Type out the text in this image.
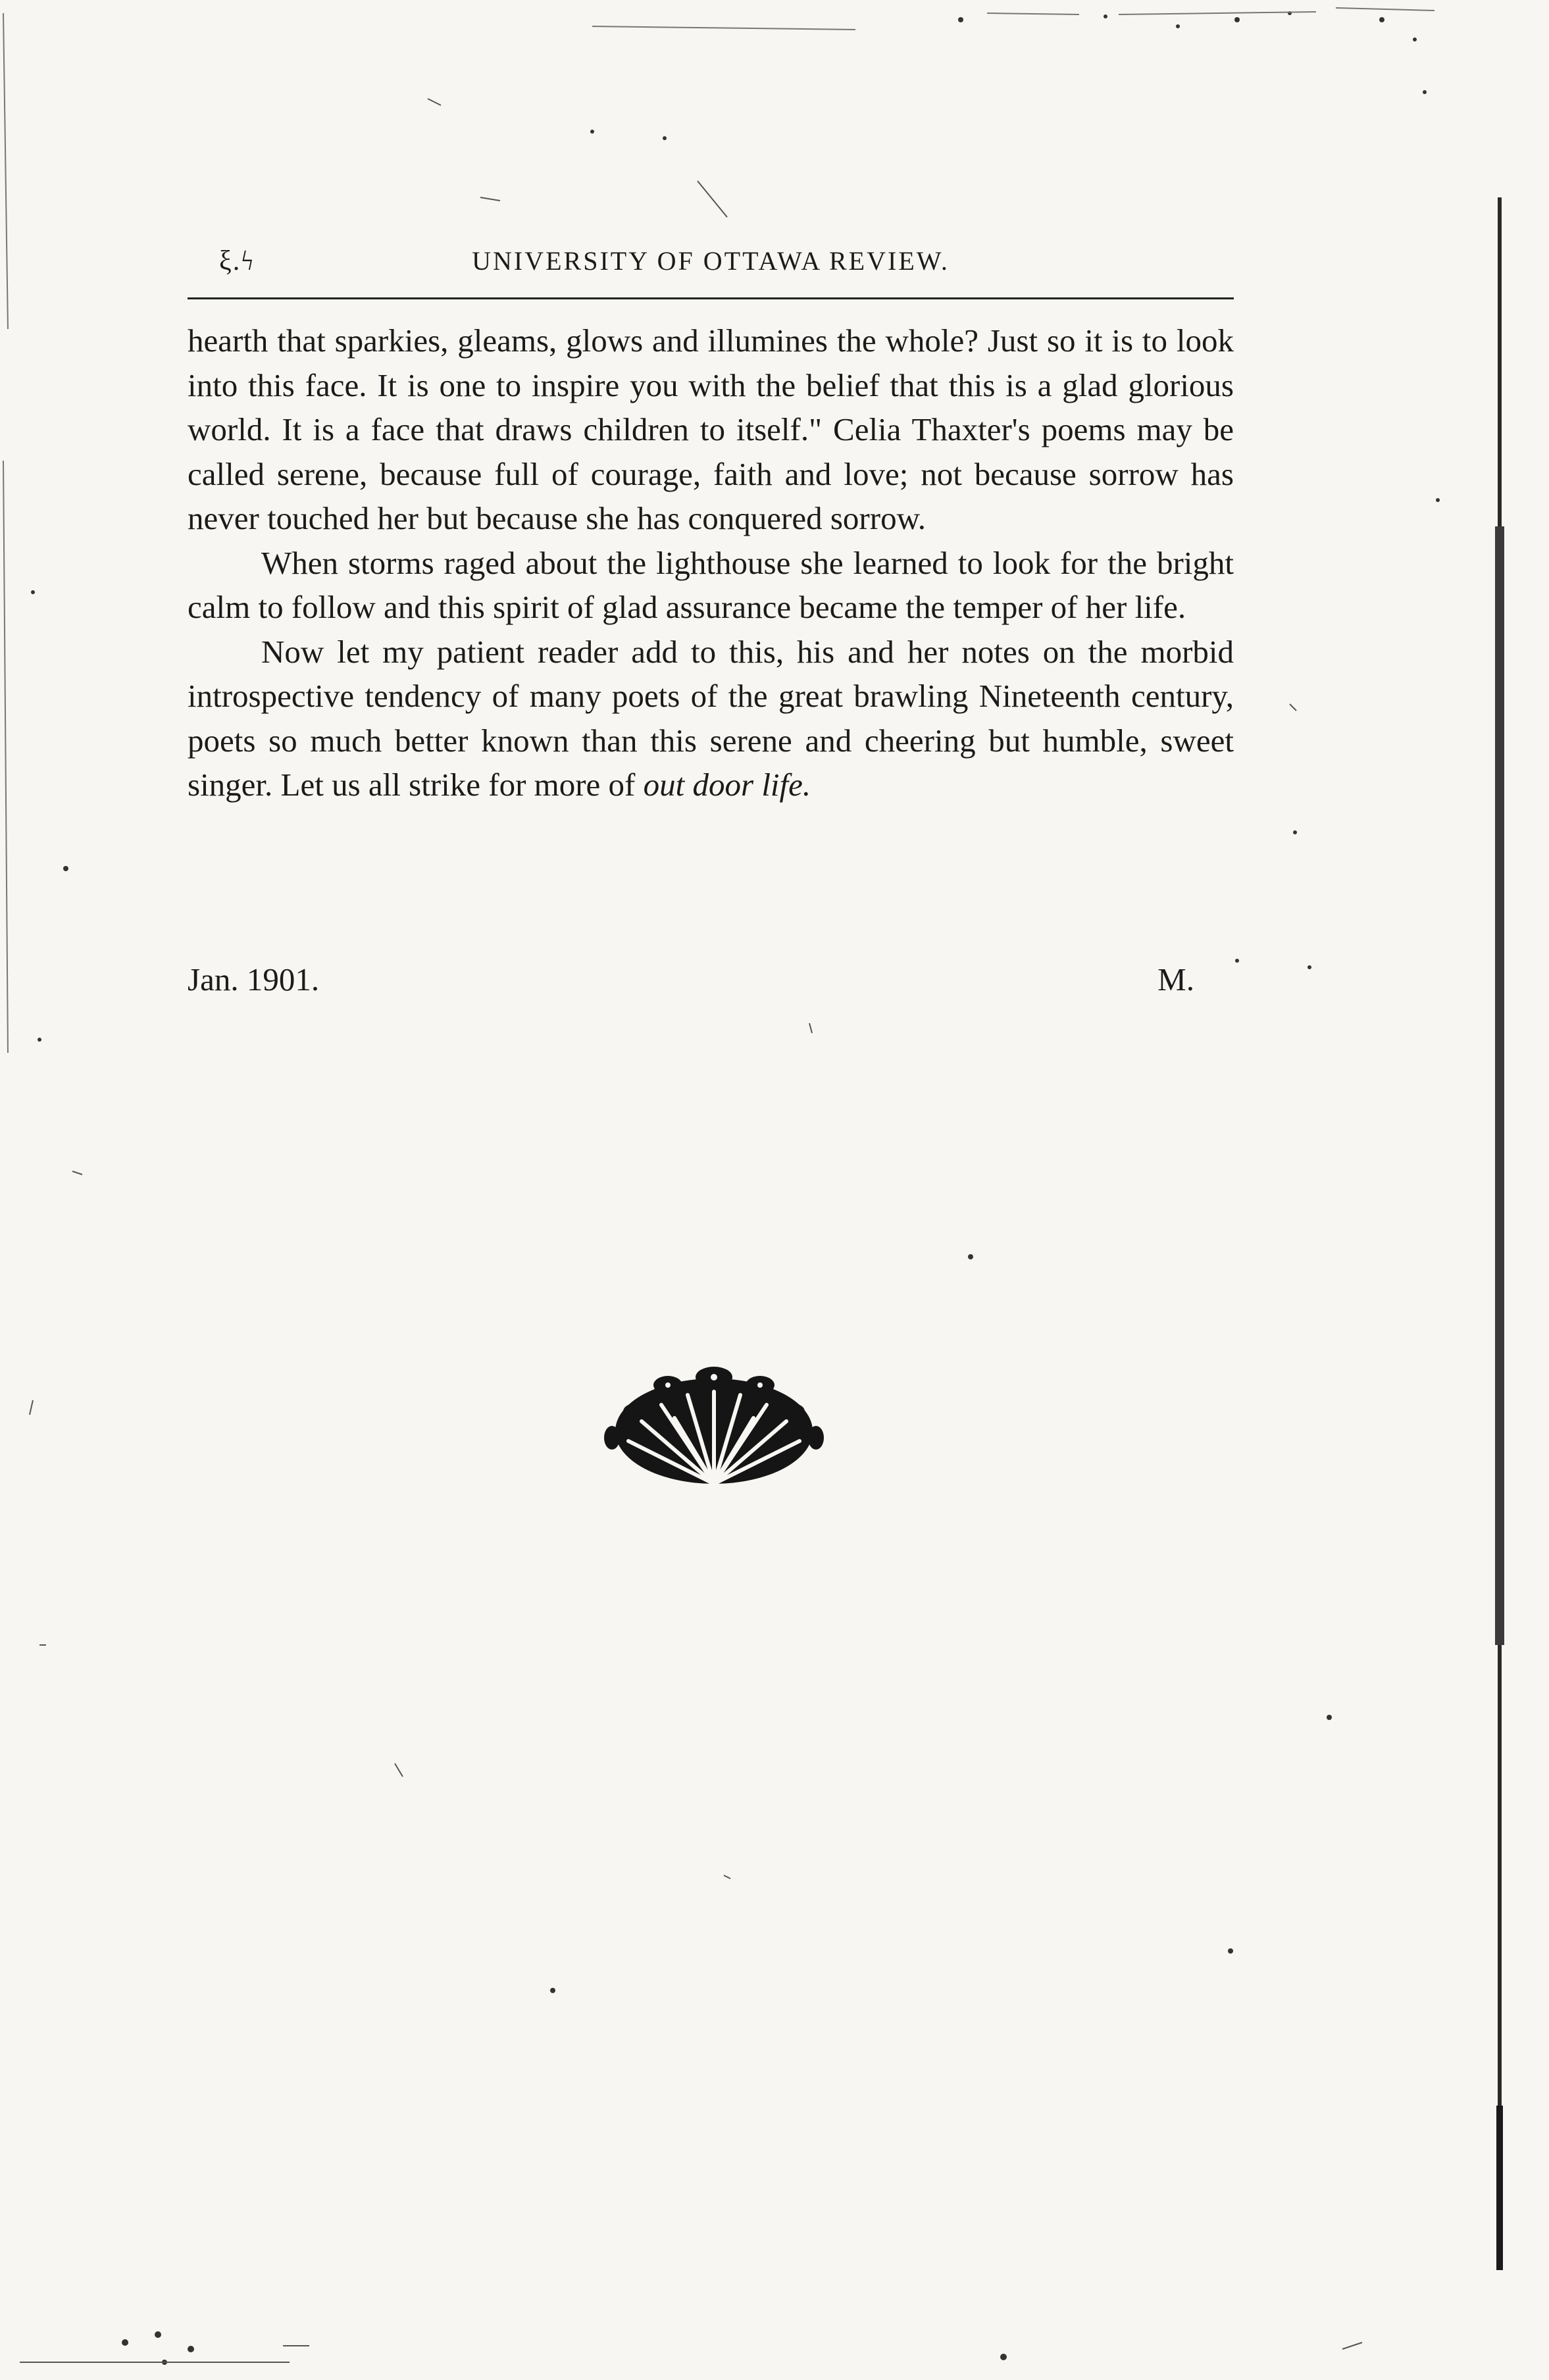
ξ.ϟ	UNIVERSITY OF OTTAWA REVIEW.

hearth that sparkies, gleams, glows and illumines the whole? Just so it is to look into this face. It is one to inspire you with the belief that this is a glad glorious world. It is a face that draws children to itself." Celia Thaxter's poems may be called serene, because full of courage, faith and love; not because sorrow has never touched her but because she has conquered sorrow.

When storms raged about the lighthouse she learned to look for the bright calm to follow and this spirit of glad assurance became the temper of her life.

Now let my patient reader add to this, his and her notes on the morbid introspective tendency of many poets of the great brawling Nineteenth century, poets so much better known than this serene and cheering but humble, sweet singer. Let us all strike for more of out door life.

Jan. 1901.	M.
